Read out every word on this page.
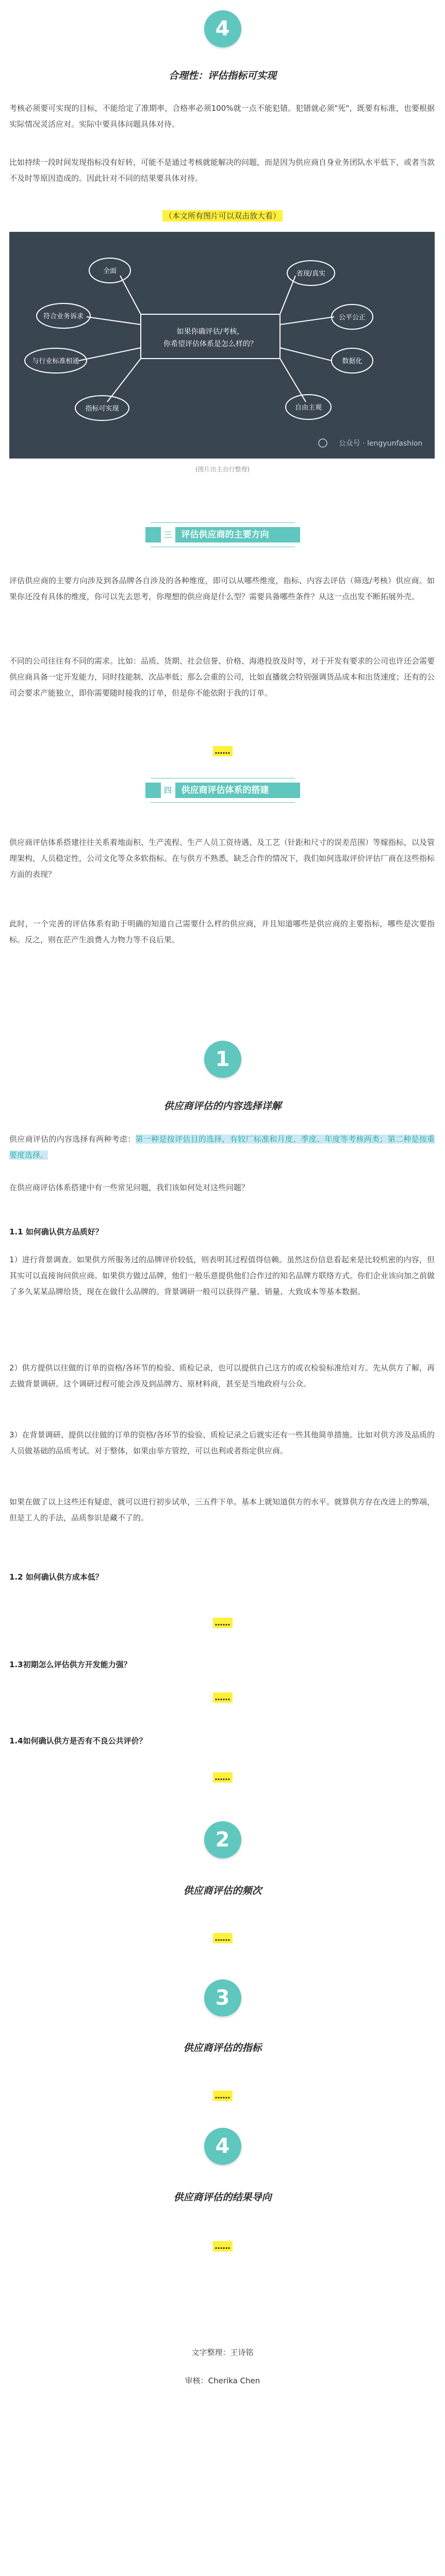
4
合理性：评估指标可实现

考核必须要可实现的目标，不能给定了准期率，合格率必须100%就一点不能犯错。犯错就必须"死"，既要有标准，也要根据实际情况灵活应对。实际中要具体问题具体对待。

比如持续一段时间发现指标没有好转，可能不是通过考核就能解决的问题，而是因为供应商自身业务团队水平低下，或者当款不及时等原因造成的。因此针对不同的结果要具体对待。

（本文所有图片可以双击放大看）
如果你确评估/考核，
你希望评估体系是怎么样的？
全面
符合业务诉求
与行业标准相通
指标可实现
省现/真实
公平公正
数据化
自由主观
公众号 · lengyunfashion
(图片出主自行整理)
三	评估供应商的主要方向

评估供应商的主要方向涉及到各品牌各自涉及的各种维度，即可以从哪些维度，指标、内容去评估（筛选/考核）供应商。如果你还没有具体的维度，你可以先去思考，你理想的供应商是什么型？需要具备哪些条件？从这一点出发不断拓展外壳。

不同的公司往往有不同的需求。比如：品质、货期、社会信誉、价格、海港投放及时等，对于开发有要求的公司也许还会需要供应商具备一定开发能力，同时技能制、次品率低；那么会重的公司，比如直播就会特别强调货品成本和出货速度；还有的公司会要求产能独立，即你需要随时接我的订单，但是你不能依附于我的订单。

……
四	供应商评估体系的搭建

供应商评估体系搭建往往关系着地面积、生产流程、生产人员工资待遇、及工艺（针距和尺寸的误差范围）等嫁指标，以及管理架构，人员稳定性，公司文化等众多软指标。在与供方不熟悉，缺乏合作的情况下，我们如何选取评价评估厂商在这些指标方面的表现？

此时，一个完善的评估体系有助于明确的知道自己需要什么样的供应商，并且知道哪些是供应商的主要指标，哪些是次要指标。反之，则在茫产生浪费人力物力等不良后果。

1
供应商评估的内容选择详解

供应商评估的内容选择有两种考虑：第一种是按评估目的选择，有较厂标准和月度、季度、年度等考核两类；第二种是按重要度选择。

在供应商评估体系搭建中有一些常见问题，我们该如何处对这些问题？

1.1 如何确认供方品质好？

1）进行背景调查。如果供方所服务过的品牌评价较低，则表明其过程值得信赖。虽然这份信息看起来是比较机密的内容，但其实可以直接询问供应商。如果供方做过品牌，他们一般乐意提供他们合作过的知名品牌方联络方式。你们企业该向加之前做了多久某某品牌给货，现在在做什么品牌的。背景调研一般可以获得产量、销量、大致成本等基本数据。

2）供方提供以往做的订单的资格/各环节的检验、质检记录，也可以提供自己这方的或衣检验标准给对方。先从供方了解，再去做背景调研。这个调研过程可能会涉及到品牌方、原材料商，甚至是当地政府与公众。

3）在背景调研、提供以往做的订单的资格/各环节的验验、质检记录之后就实还有一些其他简单措施。比如对供方涉及品质的人员做基础的品质考试。对于整体，如果由举方管控，可以也利或者指定供应商。

如果在做了以上这些还有疑虑，就可以进行初步试单，三五件下单。基本上就知道供方的水平。就算供方存在改进上的弊端，但是工人的手法，品质参识是藏不了的。

1.2 如何确认供方成本低？
……
1.3初期怎么评估供方开发能力强？
……
1.4如何确认供方是否有不良公共评价？
……
2
供应商评估的频次
……
3
供应商评估的指标
……
4
供应商评估的结果导向
……
文字整理：王诗铭
审核：Cherika Chen
